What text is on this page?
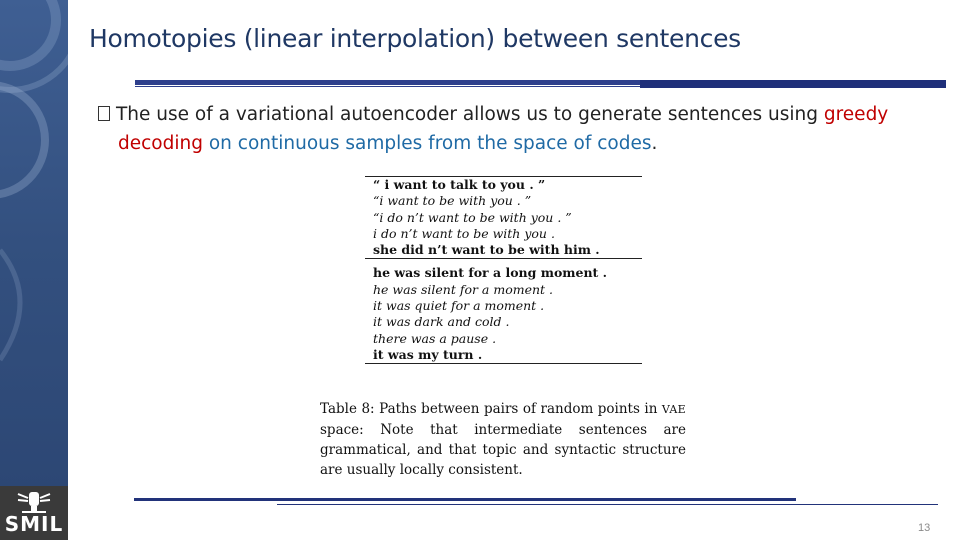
SMIL
Homotopies (linear interpolation) between sentences
The use of a variational autoencoder allows us to generate sentences using greedy
decoding on continuous samples from the space of codes.
“ i want to talk to you . ”
“i want to be with you . ”
“i do n’t want to be with you . ”
i do n’t want to be with you .
she did n’t want to be with him .
he was silent for a long moment .
he was silent for a moment .
it was quiet for a moment .
it was dark and cold .
there was a pause .
it was my turn .
Table 8: Paths between pairs of random points in VAE space: Note that intermediate sentences are grammatical, and that topic and syntactic structure are usually locally consistent.
13
